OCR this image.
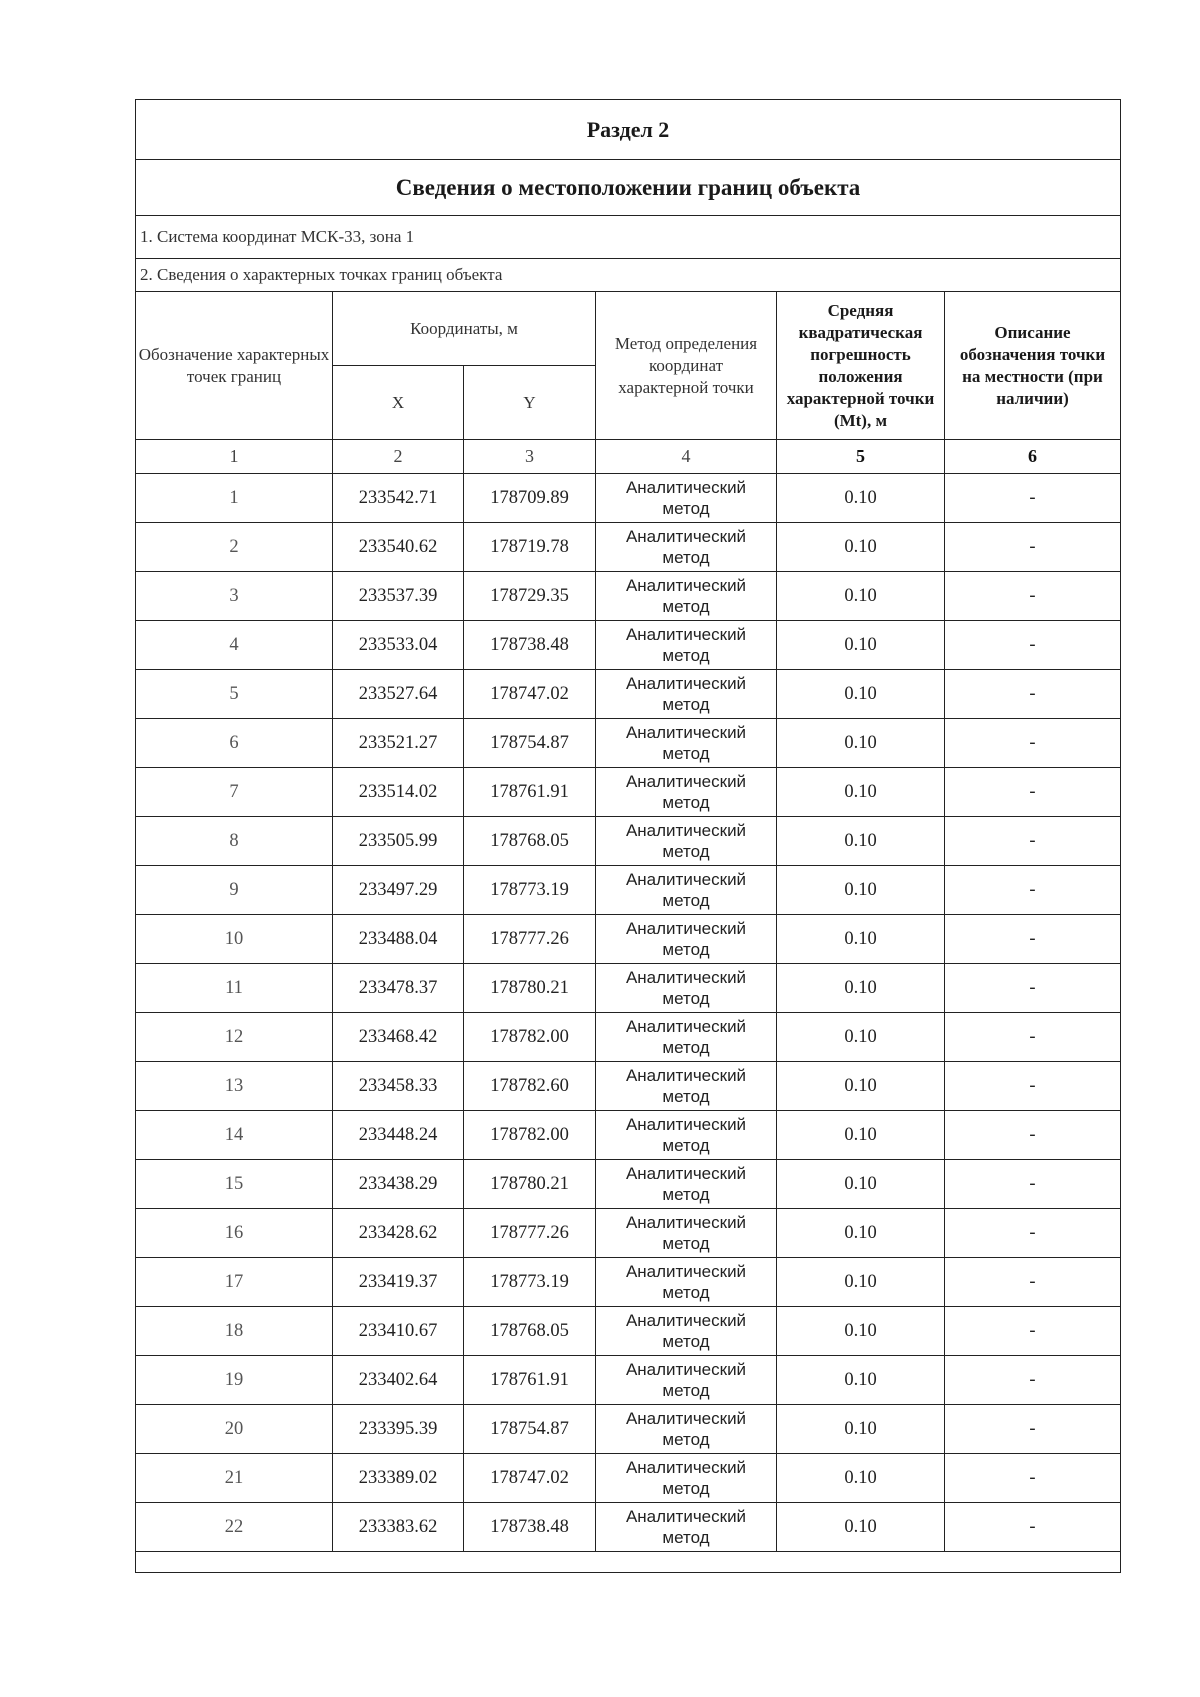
Раздел 2					
Сведения о местоположении границ объекта					
1. Система координат МСК-33, зона 1					
2. Сведения о характерных точках границ объекта					
Обозначение характерных точек границ	Координаты, м		Метод определения координат характерной точки	Средняя квадратическая погрешность положения характерной точки (Mt), м	Описание обозначения точки на местности (при наличии)
	X	Y			
1	2	3	4	5	6
1	233542.71	178709.89	Аналитический метод	0.10	-
2	233540.62	178719.78	Аналитический метод	0.10	-
3	233537.39	178729.35	Аналитический метод	0.10	-
4	233533.04	178738.48	Аналитический метод	0.10	-
5	233527.64	178747.02	Аналитический метод	0.10	-
6	233521.27	178754.87	Аналитический метод	0.10	-
7	233514.02	178761.91	Аналитический метод	0.10	-
8	233505.99	178768.05	Аналитический метод	0.10	-
9	233497.29	178773.19	Аналитический метод	0.10	-
10	233488.04	178777.26	Аналитический метод	0.10	-
11	233478.37	178780.21	Аналитический метод	0.10	-
12	233468.42	178782.00	Аналитический метод	0.10	-
13	233458.33	178782.60	Аналитический метод	0.10	-
14	233448.24	178782.00	Аналитический метод	0.10	-
15	233438.29	178780.21	Аналитический метод	0.10	-
16	233428.62	178777.26	Аналитический метод	0.10	-
17	233419.37	178773.19	Аналитический метод	0.10	-
18	233410.67	178768.05	Аналитический метод	0.10	-
19	233402.64	178761.91	Аналитический метод	0.10	-
20	233395.39	178754.87	Аналитический метод	0.10	-
21	233389.02	178747.02	Аналитический метод	0.10	-
22	233383.62	178738.48	Аналитический метод	0.10	-
